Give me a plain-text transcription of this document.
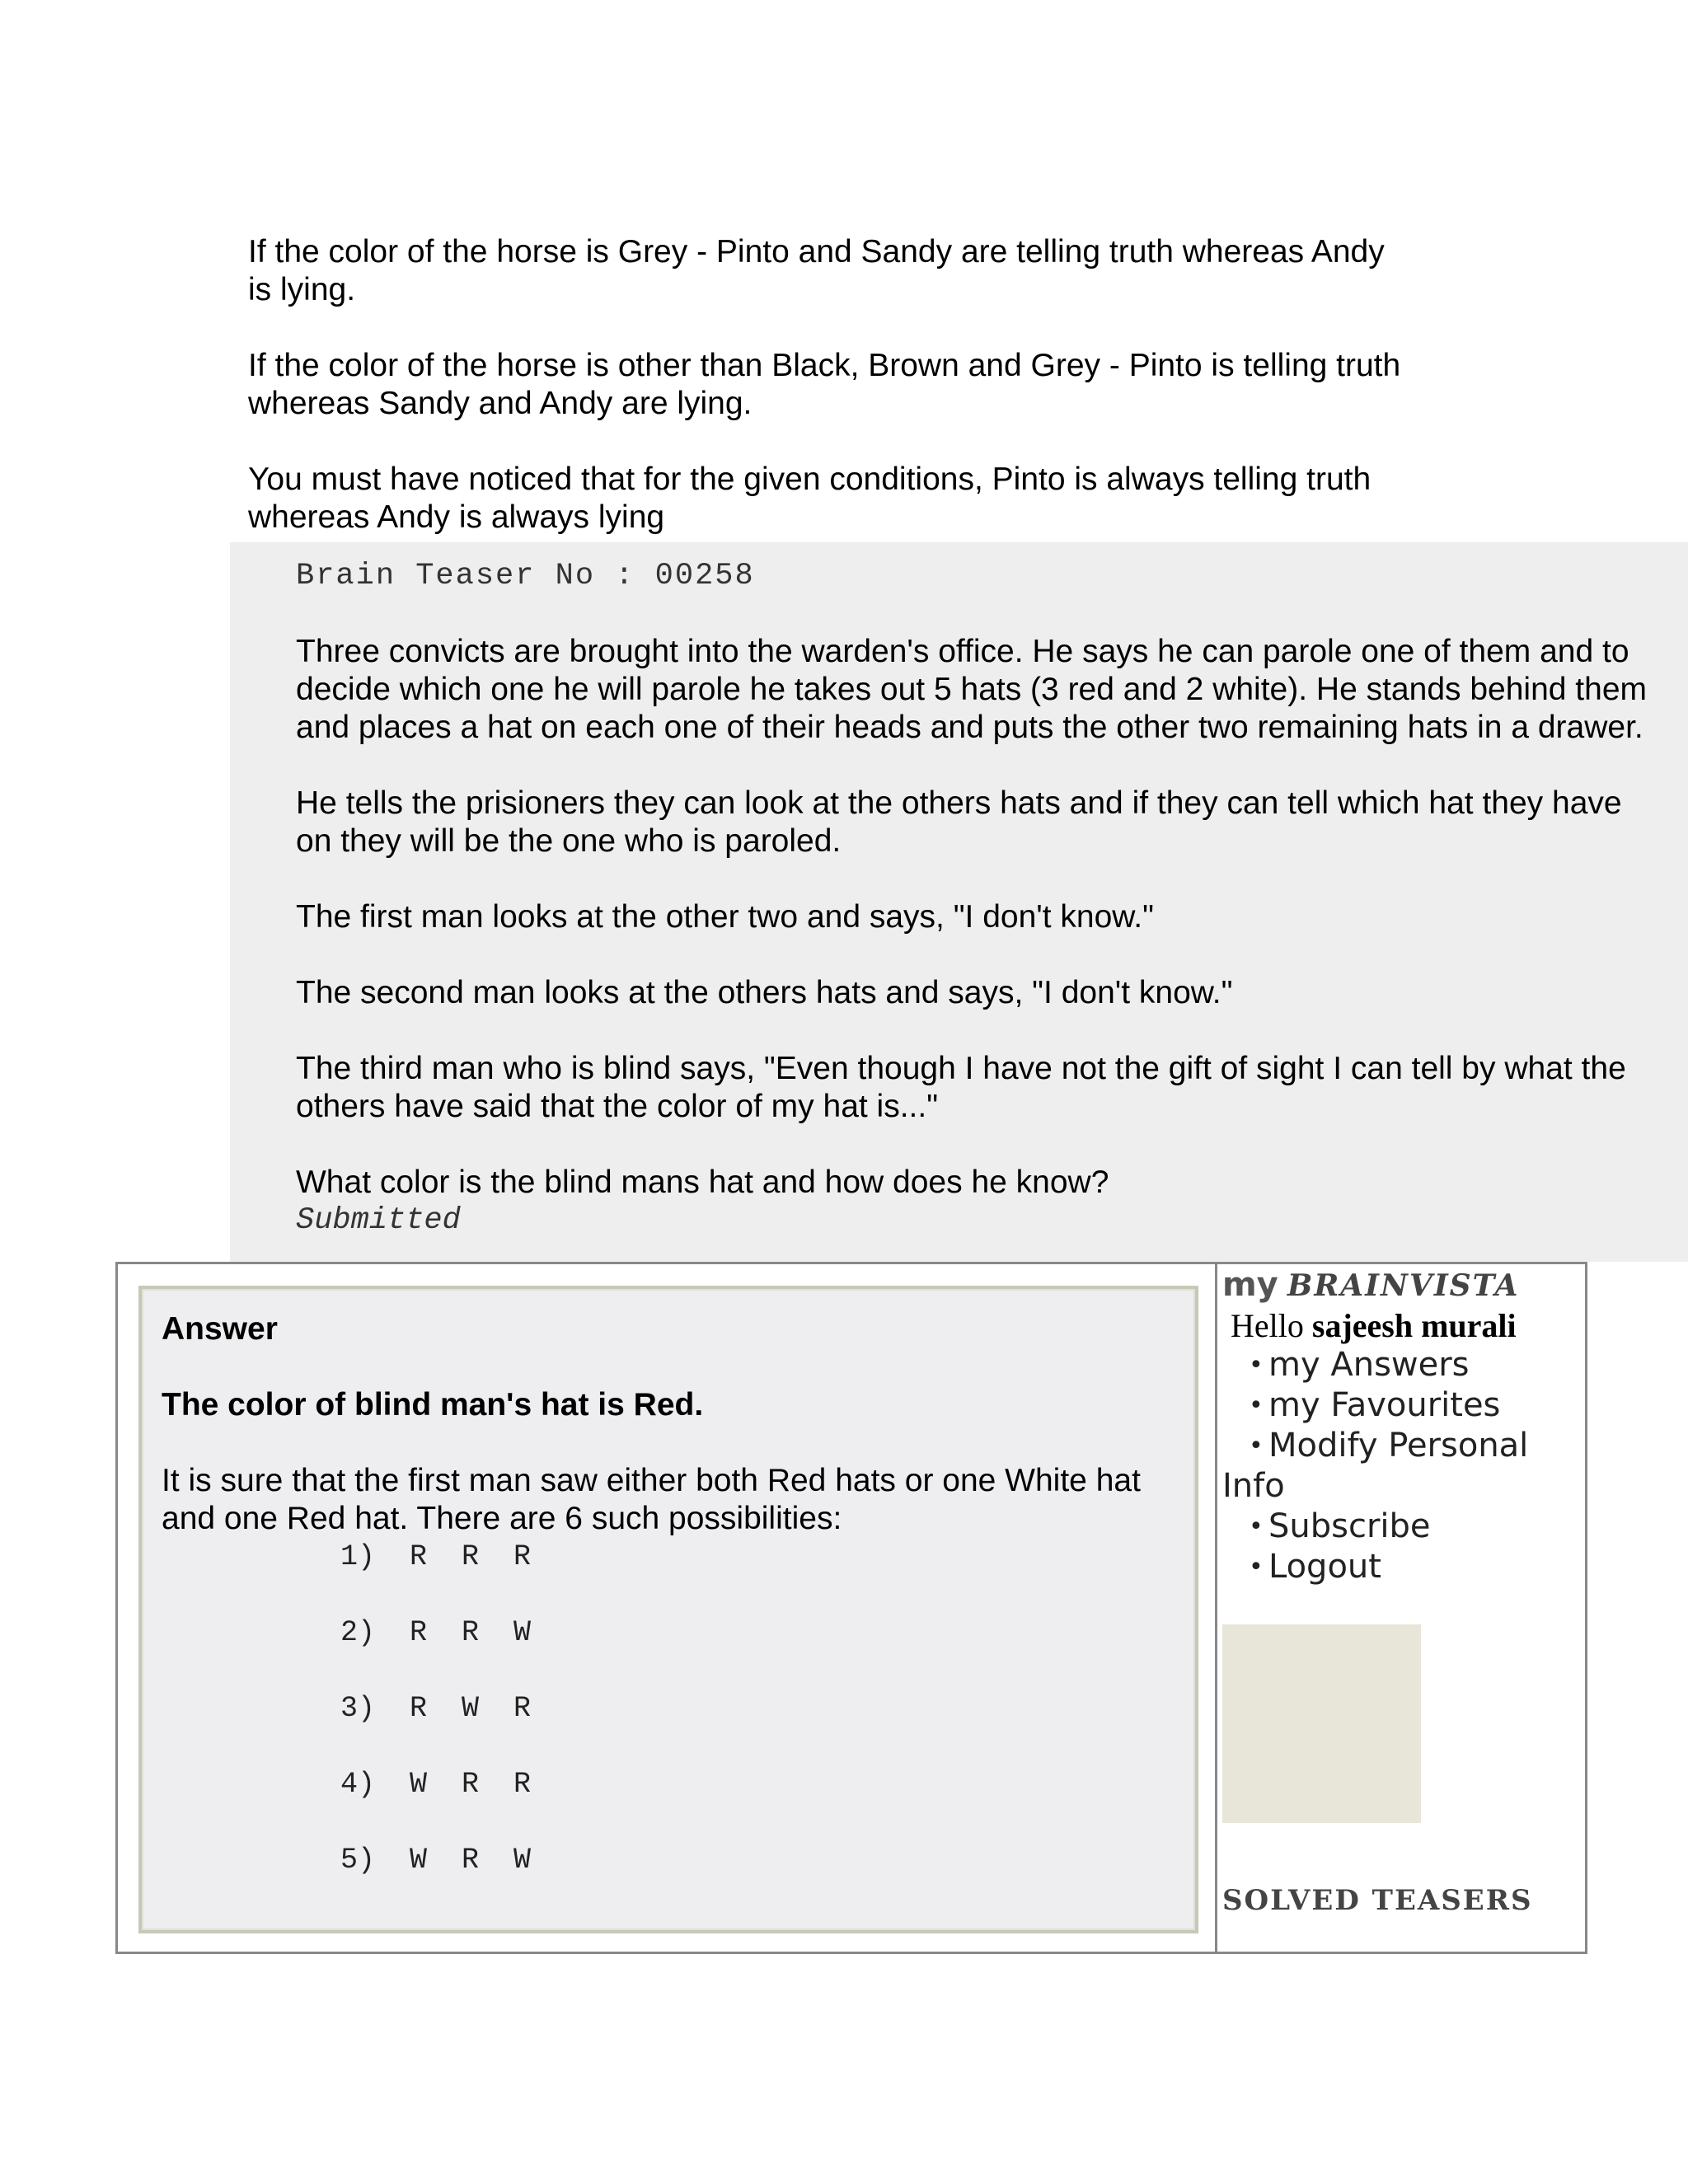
If the color of the horse is Grey - Pinto and Sandy are telling truth whereas Andy
is lying.

If the color of the horse is other than Black, Brown and Grey - Pinto is telling truth
whereas Sandy and Andy are lying.

You must have noticed that for the given conditions, Pinto is always telling truth
whereas Andy is always lying

Brain Teaser No : 00258

Three convicts are brought into the warden's office. He says he can parole one of them and to
decide which one he will parole he takes out 5 hats (3 red and 2 white). He stands behind them
and places a hat on each one of their heads and puts the other two remaining hats in a drawer.

He tells the prisioners they can look at the others hats and if they can tell which hat they have
on they will be the one who is paroled.

The first man looks at the other two and says, "I don't know."

The second man looks at the others hats and says, "I don't know."

The third man who is blind says, "Even though I have not the gift of sight I can tell by what the
others have said that the color of my hat is..."

What color is the blind mans hat and how does he know?

Submitted

Answer

The color of blind man's hat is Red.

It is sure that the first man saw either both Red hats or one White hat
and one Red hat. There are 6 such possibilities:

1)  R  R  R
2)  R  R  W
3)  R  W  R
4)  W  R  R
5)  W  R  W
my BRAINVISTA
Hello sajeesh murali
• my Answers
• my Favourites
• Modify Personal
Info
• Subscribe
• Logout
SOLVED TEASERS
